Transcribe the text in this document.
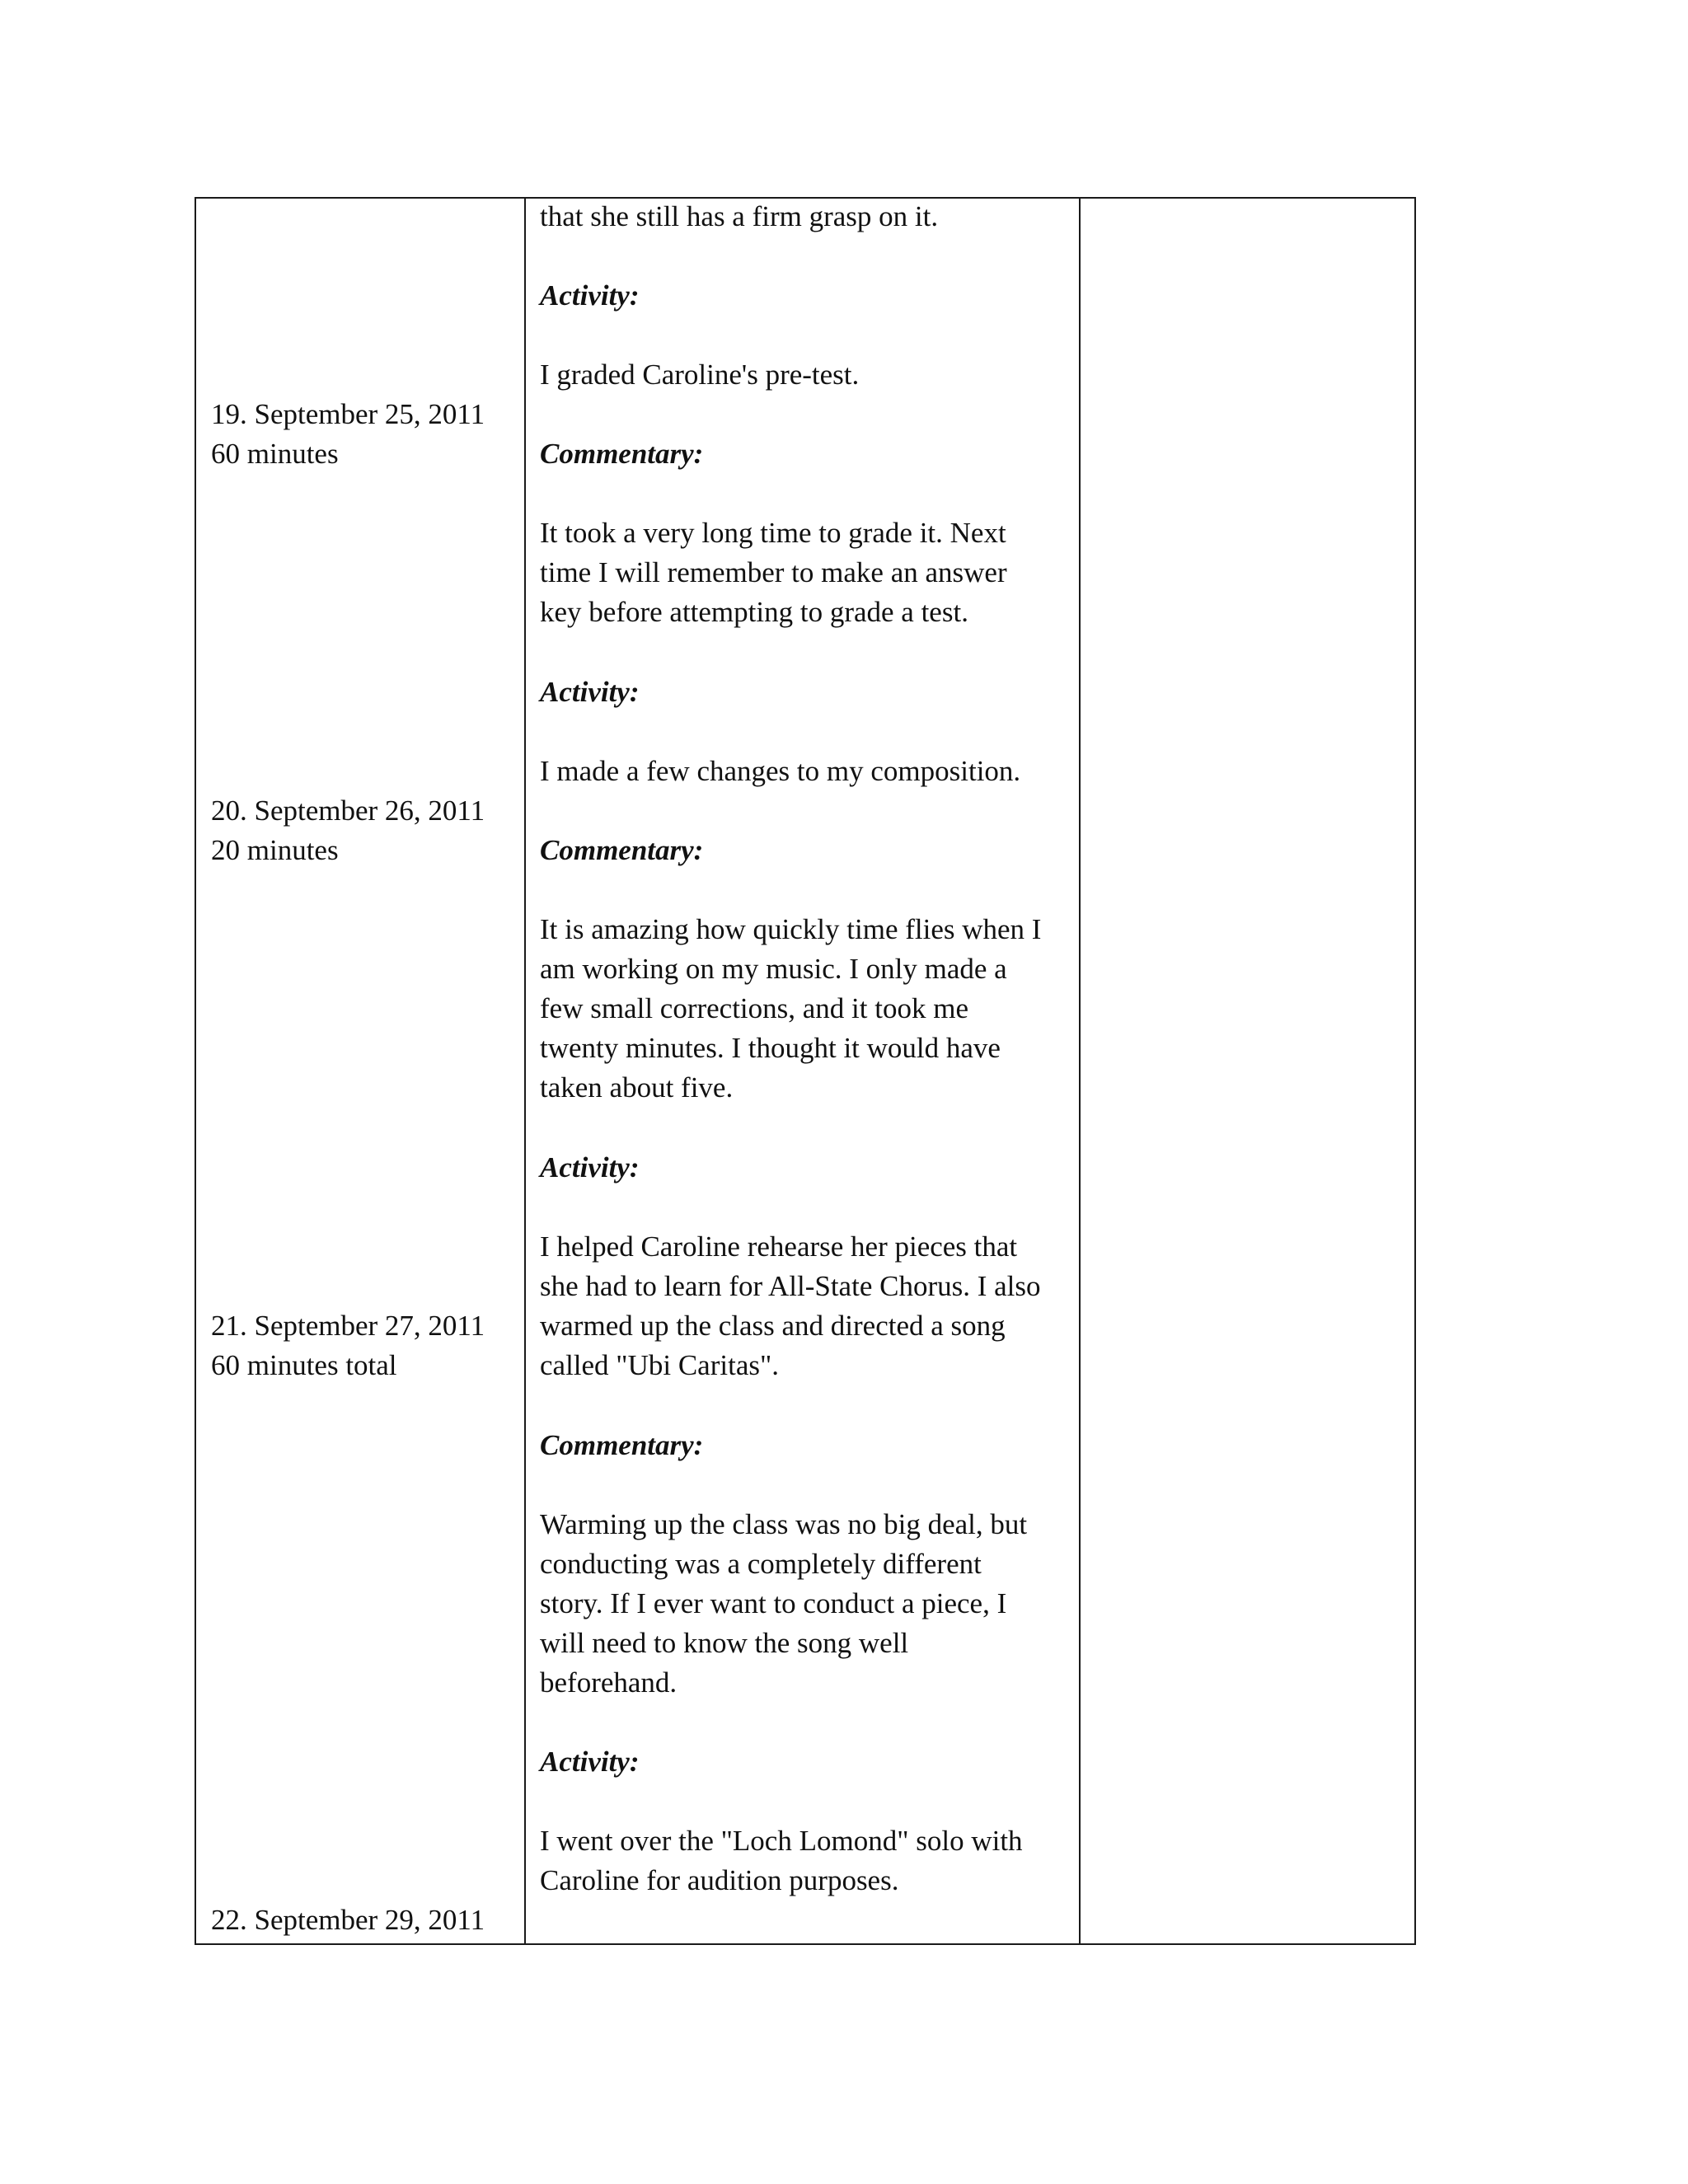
19. September 25, 2011
60 minutes
20. September 26, 2011
20 minutes
21. September 27, 2011
60 minutes total
22. September 29, 2011
that she still has a firm grasp on it.
Activity:
I graded Caroline's pre-test.
Commentary:
It took a very long time to grade it. Next
time I will remember to make an answer
key before attempting to grade a test.
Activity:
I made a few changes to my composition.
Commentary:
It is amazing how quickly time flies when I
am working on my music. I only made a
few small corrections, and it took me
twenty minutes. I thought it would have
taken about five.
Activity:
I helped Caroline rehearse her pieces that
she had to learn for All-State Chorus. I also
warmed up the class and directed a song
called "Ubi Caritas".
Commentary:
Warming up the class was no big deal, but
conducting was a completely different
story. If I ever want to conduct a piece, I
will need to know the song well
beforehand.
Activity:
I went over the "Loch Lomond" solo with
Caroline for audition purposes.
